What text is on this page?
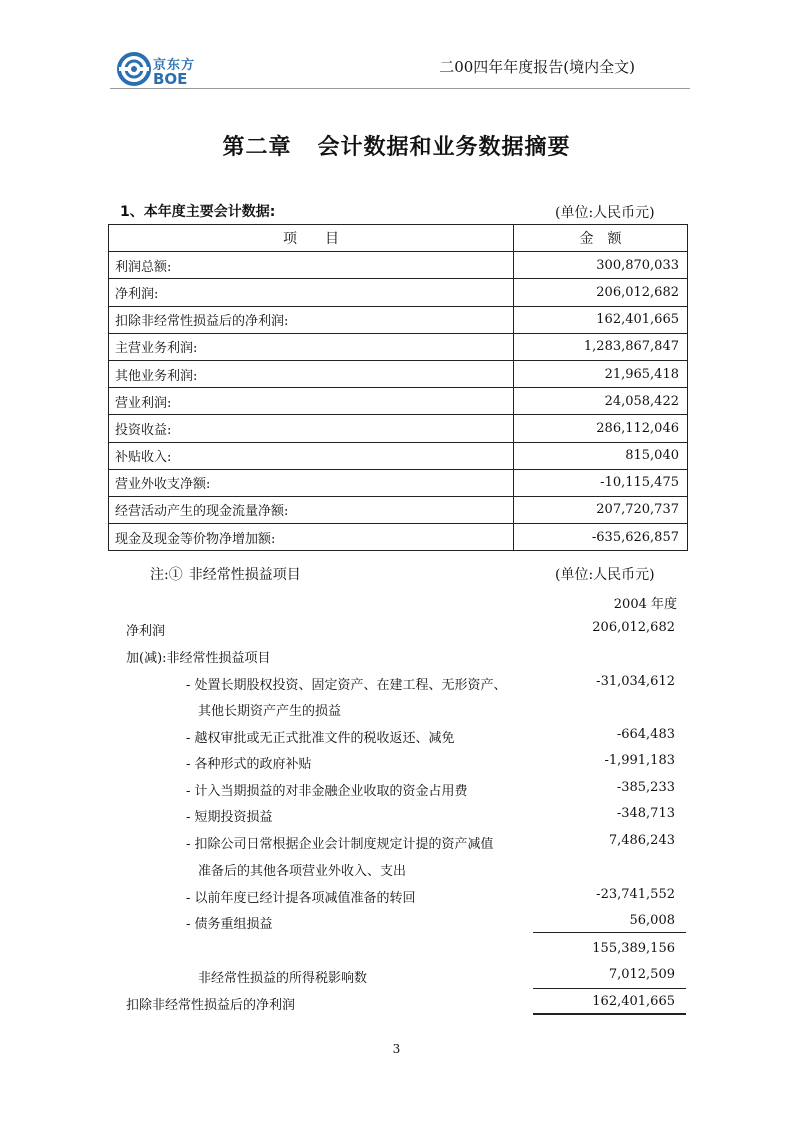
京东方
BOE
二00四年年度报告(境内全文)
第二章 会计数据和业务数据摘要
1、本年度主要会计数据:	(单位:人民币元)
项　　目	金　额
利润总额:	300,870,033
净利润:	206,012,682
扣除非经常性损益后的净利润:	162,401,665
主营业务利润:	1,283,867,847
其他业务利润:	21,965,418
营业利润:	24,058,422
投资收益:	286,112,046
补贴收入:	815,040
营业外收支净额:	-10,115,475
经营活动产生的现金流量净额:	207,720,737
现金及现金等价物净增加额:	-635,626,857
注:① 非经常性损益项目	(单位:人民币元)
2004 年度
净利润	206,012,682
加(减):非经常性损益项目
- 处置长期股权投资、固定资产、在建工程、无形资产、
其他长期资产产生的损益
-31,034,612
- 越权审批或无正式批准文件的税收返还、减免	-664,483
- 各种形式的政府补贴	-1,991,183
- 计入当期损益的对非金融企业收取的资金占用费	-385,233
- 短期投资损益	-348,713
- 扣除公司日常根据企业会计制度规定计提的资产减值
准备后的其他各项营业外收入、支出
7,486,243
- 以前年度已经计提各项减值准备的转回	-23,741,552
- 债务重组损益	56,008
155,389,156
非经常性损益的所得税影响数	7,012,509
扣除非经常性损益后的净利润	162,401,665
3
